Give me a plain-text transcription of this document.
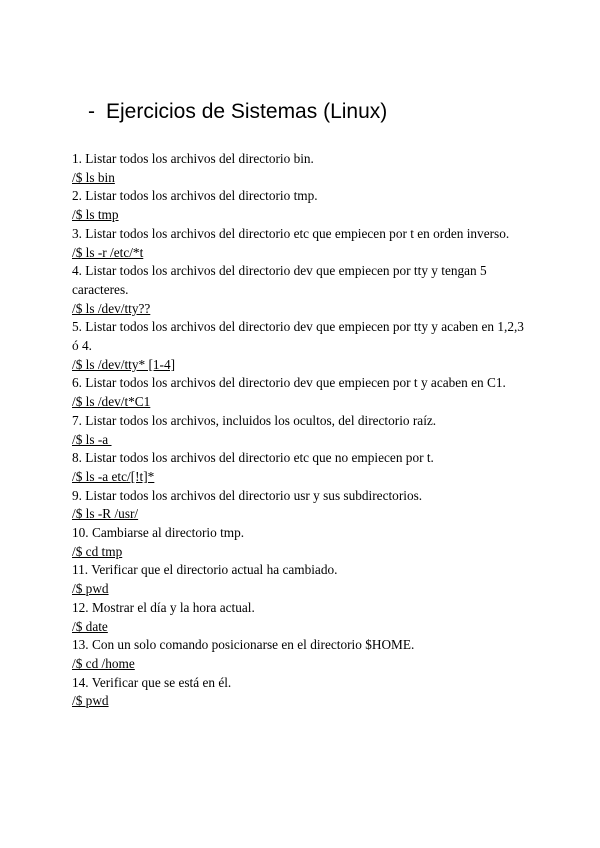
- Ejercicios de Sistemas (Linux)

1. Listar todos los archivos del directorio bin.

/$ ls bin

2. Listar todos los archivos del directorio tmp.

/$ ls tmp

3. Listar todos los archivos del directorio etc que empiecen por t en orden inverso.

/$ ls -r /etc/*t

4. Listar todos los archivos del directorio dev que empiecen por tty y tengan 5 caracteres.

/$ ls /dev/tty??

5. Listar todos los archivos del directorio dev que empiecen por tty y acaben en 1,2,3 ó 4.

/$ ls /dev/tty* [1-4]

6. Listar todos los archivos del directorio dev que empiecen por t y acaben en C1.

/$ ls /dev/t*C1

7. Listar todos los archivos, incluidos los ocultos, del directorio raíz.

/$ ls -a

8. Listar todos los archivos del directorio etc que no empiecen por t.

/$ ls -a etc/[!t]*

9. Listar todos los archivos del directorio usr y sus subdirectorios.

/$ ls -R /usr/

10. Cambiarse al directorio tmp.

/$ cd tmp

11. Verificar que el directorio actual ha cambiado.

/$ pwd

12. Mostrar el día y la hora actual.

/$ date

13. Con un solo comando posicionarse en el directorio $HOME.

/$ cd /home

14. Verificar que se está en él.

/$ pwd
